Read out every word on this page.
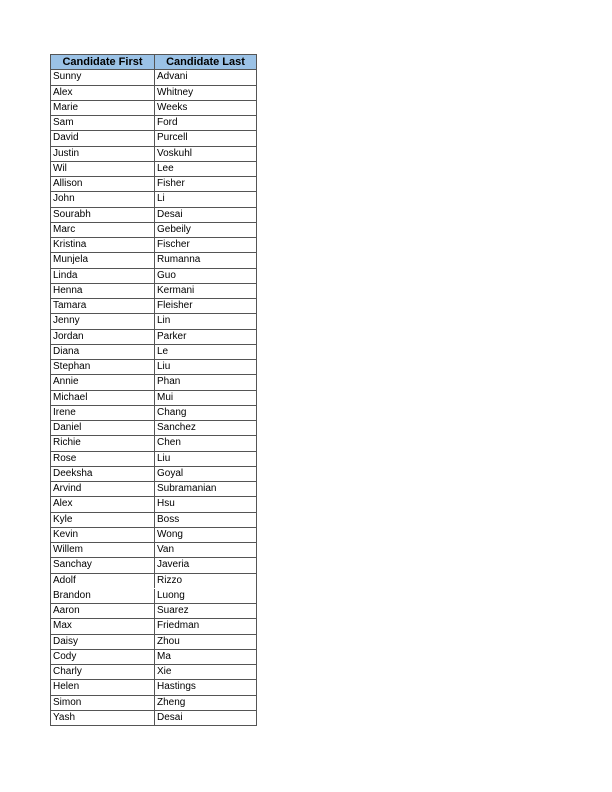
Candidate First	Candidate Last
Sunny	Advani
Alex	Whitney
Marie	Weeks
Sam	Ford
David	Purcell
Justin	Voskuhl
Wil	Lee
Allison	Fisher
John	Li
Sourabh	Desai
Marc	Gebeily
Kristina	Fischer
Munjela	Rumanna
Linda	Guo
Henna	Kermani
Tamara	Fleisher
Jenny	Lin
Jordan	Parker
Diana	Le
Stephan	Liu
Annie	Phan
Michael	Mui
Irene	Chang
Daniel	Sanchez
Richie	Chen
Rose	Liu
Deeksha	Goyal
Arvind	Subramanian
Alex	Hsu
Kyle	Boss
Kevin	Wong
Willem	Van
Sanchay	Javeria
Adolf	Rizzo
Brandon	Luong
Aaron	Suarez
Max	Friedman
Daisy	Zhou
Cody	Ma
Charly	Xie
Helen	Hastings
Simon	Zheng
Yash	Desai
